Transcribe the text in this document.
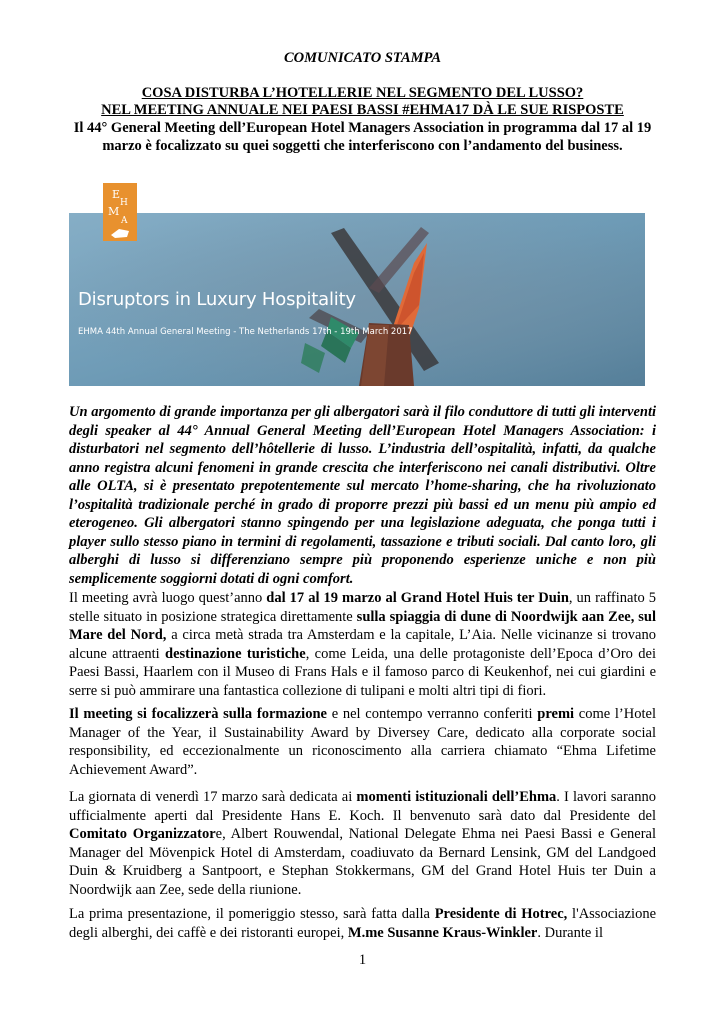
COMUNICATO STAMPA
COSA DISTURBA L’HOTELLERIE NEL SEGMENTO DEL LUSSO?
NEL MEETING ANNUALE NEI PAESI BASSI #EHMA17 DÀ LE SUE RISPOSTE
Il 44° General Meeting dell’European Hotel Managers Association in programma dal 17 al 19 marzo è focalizzato su quei soggetti che interferiscono con l’andamento del business.
Disruptors in Luxury Hospitality
EHMA 44th Annual General Meeting - The Netherlands 17th - 19th March 2017
E
H
M
A

Un argomento di grande importanza per gli albergatori sarà il filo conduttore di tutti gli interventi degli speaker al 44° Annual General Meeting dell’European Hotel Managers Association: i disturbatori nel segmento dell’hôtellerie di lusso. L’industria dell’ospitalità, infatti, da qualche anno registra alcuni fenomeni in grande crescita che interferiscono nei canali distributivi. Oltre alle OLTA, si è presentato prepotentemente sul mercato l’home-sharing, che ha rivoluzionato l’ospitalità tradizionale perché in grado di proporre prezzi più bassi ed un menu più ampio ed eterogeneo. Gli albergatori stanno spingendo per una legislazione adeguata, che ponga tutti i player sullo stesso piano in termini di regolamenti, tassazione e tributi sociali. Dal canto loro, gli alberghi di lusso si differenziano sempre più proponendo esperienze uniche e non più semplicemente soggiorni dotati di ogni comfort.

Il meeting avrà luogo quest’anno dal 17 al 19 marzo al Grand Hotel Huis ter Duin, un raffinato 5 stelle situato in posizione strategica direttamente sulla spiaggia di dune di Noordwijk aan Zee, sul Mare del Nord, a circa metà strada tra Amsterdam e la capitale, L’Aia. Nelle vicinanze si trovano alcune attraenti destinazione turistiche, come Leida, una delle protagoniste dell’Epoca d’Oro dei Paesi Bassi, Haarlem con il Museo di Frans Hals e il famoso parco di Keukenhof, nei cui giardini e serre si può ammirare una fantastica collezione di tulipani e molti altri tipi di fiori.

Il meeting si focalizzerà sulla formazione e nel contempo verranno conferiti premi come l’Hotel Manager of the Year, il Sustainability Award by Diversey Care, dedicato alla corporate social responsibility, ed eccezionalmente un riconoscimento alla carriera chiamato “Ehma Lifetime Achievement Award”.

La giornata di venerdì 17 marzo sarà dedicata ai momenti istituzionali dell’Ehma. I lavori saranno ufficialmente aperti dal Presidente Hans E. Koch. Il benvenuto sarà dato dal Presidente del Comitato Organizzatore, Albert Rouwendal, National Delegate Ehma nei Paesi Bassi e General Manager del Mövenpick Hotel di Amsterdam, coadiuvato da Bernard Lensink, GM del Landgoed Duin & Kruidberg a Santpoort, e Stephan Stokkermans, GM del Grand Hotel Huis ter Duin a Noordwijk aan Zee, sede della riunione.

La prima presentazione, il pomeriggio stesso, sarà fatta dalla Presidente di Hotrec, l'Associazione degli alberghi, dei caffè e dei ristoranti europei, M.me Susanne Kraus-Winkler. Durante il

1
